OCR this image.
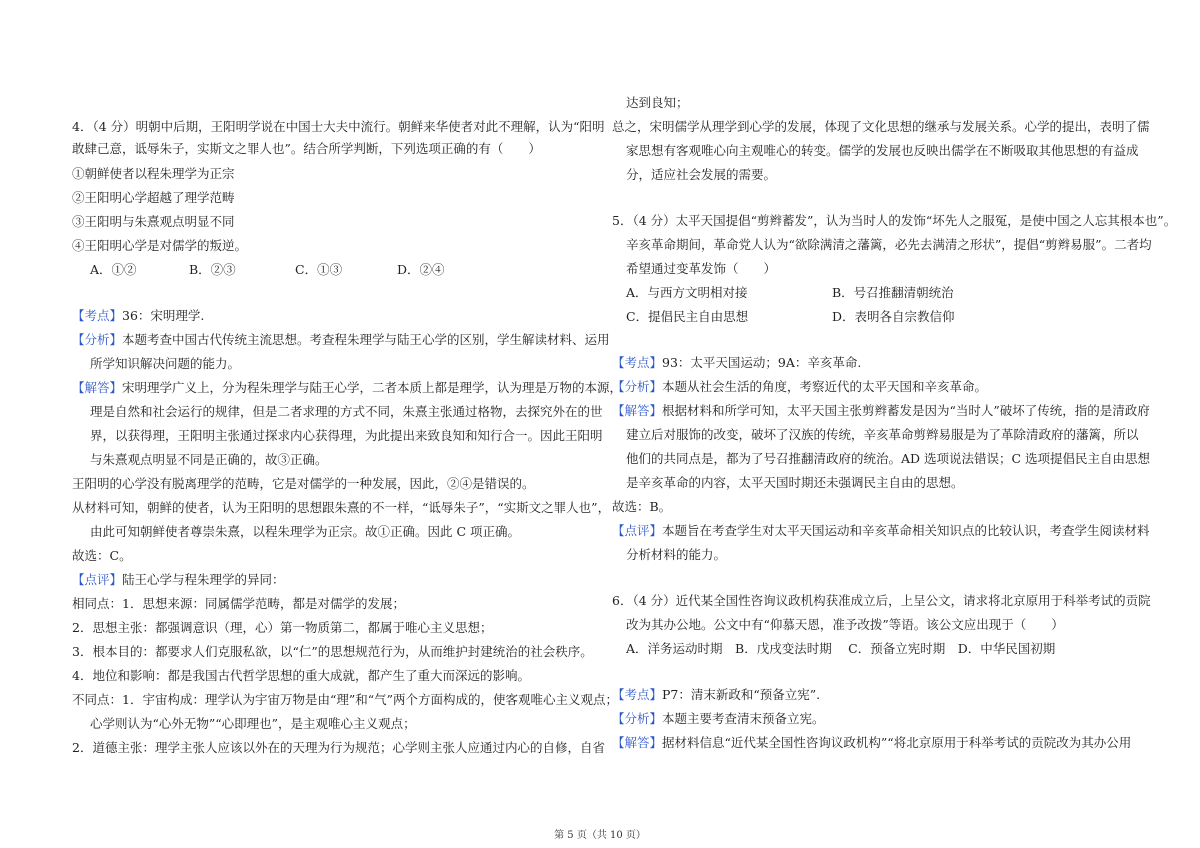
4．（4 分）明朝中后期，王阳明学说在中国士大夫中流行。朝鲜来华使者对此不理解，认为“阳明
敢肆己意，诋辱朱子，实斯文之罪人也”。结合所学判断，下列选项正确的有（　　）
①朝鲜使者以程朱理学为正宗
②王阳明心学超越了理学范畴
③王阳明与朱熹观点明显不同
④王阳明心学是对儒学的叛逆。
A．①②	B．②③	C．①③	D．②④
【考点】36：宋明理学.
【分析】本题考查中国古代传统主流思想。考查程朱理学与陆王心学的区别，学生解读材料、运用
所学知识解决问题的能力。
【解答】宋明理学广义上，分为程朱理学与陆王心学，二者本质上都是理学，认为理是万物的本源，
理是自然和社会运行的规律，但是二者求理的方式不同，朱熹主张通过格物，去探究外在的世
界，以获得理，王阳明主张通过探求内心获得理，为此提出来致良知和知行合一。因此王阳明
与朱熹观点明显不同是正确的，故③正确。
王阳明的心学没有脱离理学的范畴，它是对儒学的一种发展，因此，②④是错误的。
从材料可知，朝鲜的使者，认为王阳明的思想跟朱熹的不一样，“诋辱朱子”，“实斯文之罪人也”，
由此可知朝鲜使者尊崇朱熹，以程朱理学为正宗。故①正确。因此 C 项正确。
故选：C。
【点评】陆王心学与程朱理学的异同：
相同点：1．思想来源：同属儒学范畴，都是对儒学的发展；
2．思想主张：都强调意识（理，心）第一物质第二，都属于唯心主义思想；
3．根本目的：都要求人们克服私欲，以“仁”的思想规范行为，从而维护封建统治的社会秩序。
4．地位和影响：都是我国古代哲学思想的重大成就，都产生了重大而深远的影响。
不同点：1．宇宙构成：理学认为宇宙万物是由“理”和“气”两个方面构成的，使客观唯心主义观点；
心学则认为“心外无物”“心即理也”，是主观唯心主义观点；
2．道德主张：理学主张人应该以外在的天理为行为规范；心学则主张人应通过内心的自修，自省
达到良知；
总之，宋明儒学从理学到心学的发展，体现了文化思想的继承与发展关系。心学的提出，表明了儒
家思想有客观唯心向主观唯心的转变。儒学的发展也反映出儒学在不断吸取其他思想的有益成
分，适应社会发展的需要。
5．（4 分）太平天国提倡“剪辫蓄发”，认为当时人的发饰“坏先人之服冤，是使中国之人忘其根本也”。
辛亥革命期间，革命党人认为“欲除满清之藩篱，必先去满清之形状”，提倡“剪辫易服”。二者均
希望通过变革发饰（　　）
A．与西方文明相对接	B．号召推翻清朝统治
C．提倡民主自由思想	D．表明各自宗教信仰
【考点】93：太平天国运动；9A：辛亥革命.
【分析】本题从社会生活的角度，考察近代的太平天国和辛亥革命。
【解答】根据材料和所学可知，太平天国主张剪辫蓄发是因为“当时人”破坏了传统，指的是清政府
建立后对服饰的改变，破坏了汉族的传统，辛亥革命剪辫易服是为了革除清政府的藩篱，所以
他们的共同点是，都为了号召推翻清政府的统治。AD 选项说法错误；C 选项提倡民主自由思想
是辛亥革命的内容，太平天国时期还未强调民主自由的思想。
故选：B。
【点评】本题旨在考查学生对太平天国运动和辛亥革命相关知识点的比较认识，考查学生阅读材料
分析材料的能力。
6．（4 分）近代某全国性咨询议政机构获准成立后，上呈公文，请求将北京原用于科举考试的贡院
改为其办公地。公文中有“仰慕天恩，准予改拨”等语。该公文应出现于（　　）
A．洋务运动时期　B．戊戌变法时期　 C．预备立宪时期　D．中华民国初期
【考点】P7：清末新政和“预备立宪”.
【分析】本题主要考查清末预备立宪。
【解答】据材料信息“近代某全国性咨询议政机构”“将北京原用于科举考试的贡院改为其办公用
第 5 页（共 10 页）
